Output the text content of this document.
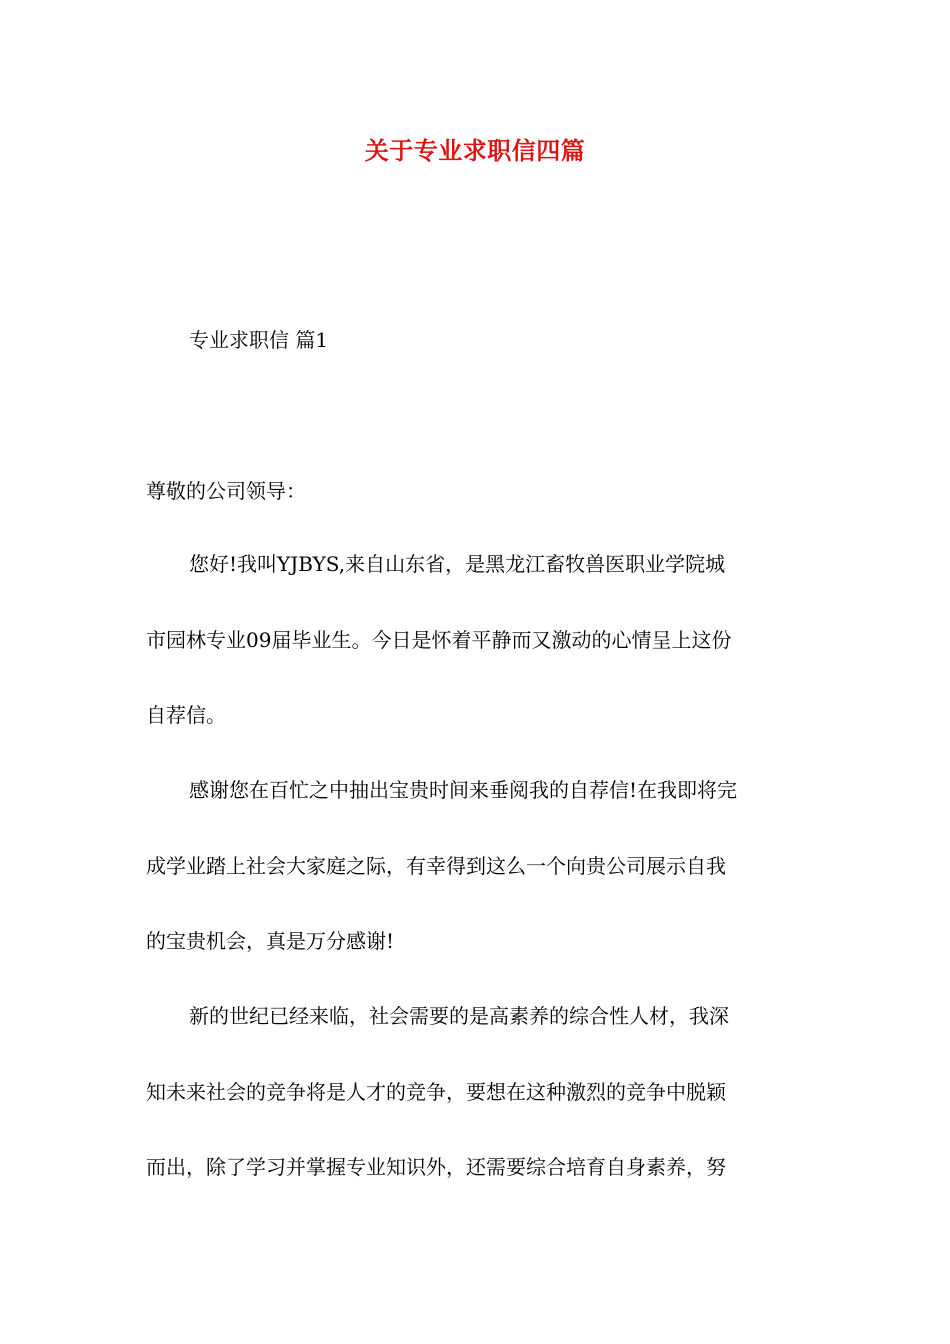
关于专业求职信四篇
专业求职信 篇1
尊敬的公司领导：

您好!我叫YJBYS,来自山东省，是黑龙江畜牧兽医职业学院城
市园林专业09届毕业生。今日是怀着平静而又激动的心情呈上这份
自荐信。

感谢您在百忙之中抽出宝贵时间来垂阅我的自荐信!在我即将完
成学业踏上社会大家庭之际，有幸得到这么一个向贵公司展示自我
的宝贵机会，真是万分感谢!

新的世纪已经来临，社会需要的是高素养的综合性人材，我深
知未来社会的竞争将是人才的竞争，要想在这种激烈的竞争中脱颖
而出，除了学习并掌握专业知识外，还需要综合培育自身素养，努
